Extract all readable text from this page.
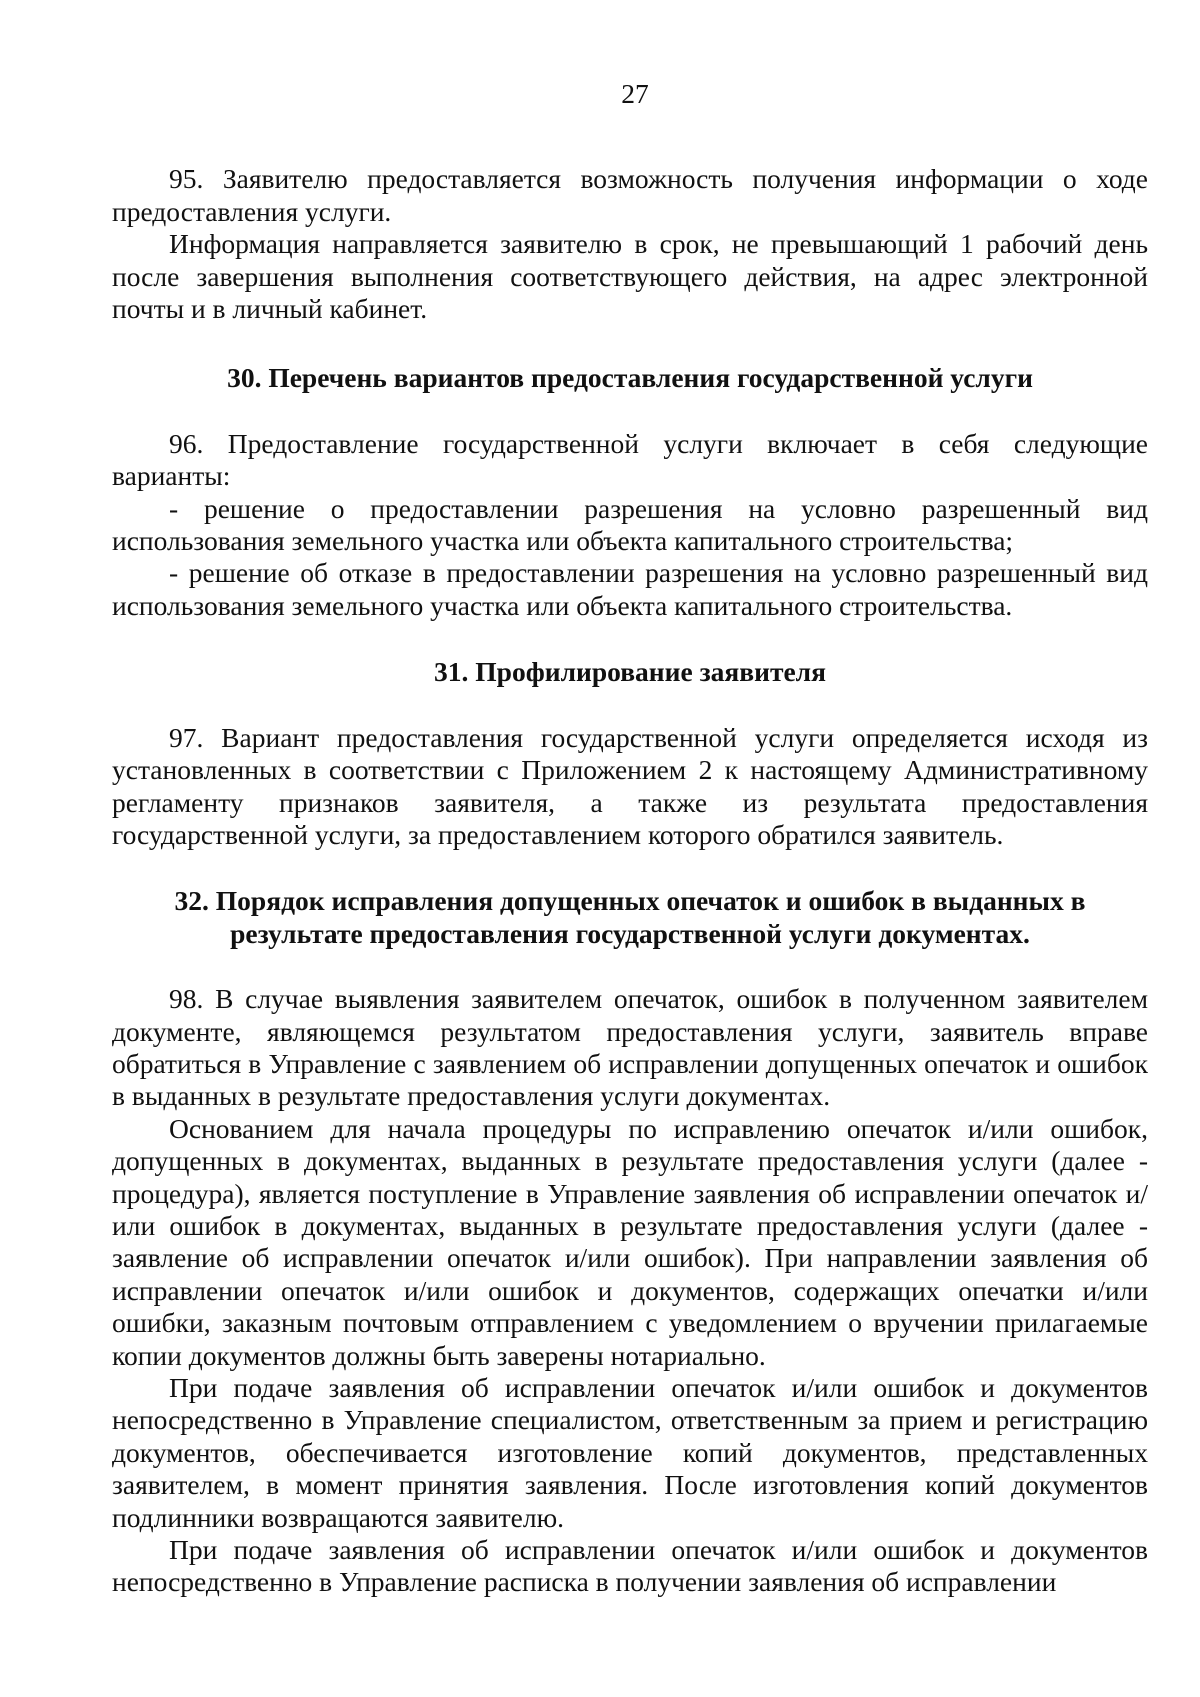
27

95. Заявителю предоставляется возможность получения информации о ходе предоставления услуги.

Информация направляется заявителю в срок, не превышающий 1 рабочий день после завершения выполнения соответствующего действия, на адрес электронной почты и в личный кабинет.

30. Перечень вариантов предоставления государственной услуги

96. Предоставление государственной услуги включает в себя следующие варианты:

- решение о предоставлении разрешения на условно разрешенный вид использования земельного участка или объекта капитального строительства;

- решение об отказе в предоставлении разрешения на условно разрешенный вид использования земельного участка или объекта капитального строительства.

31. Профилирование заявителя

97. Вариант предоставления государственной услуги определяется исходя из установленных в соответствии с Приложением 2 к настоящему Административному регламенту признаков заявителя, а также из результата предоставления государственной услуги, за предоставлением которого обратился заявитель.

32. Порядок исправления допущенных опечаток и ошибок в выданных в
результате предоставления государственной услуги документах.

98. В случае выявления заявителем опечаток, ошибок в полученном заявителем документе, являющемся результатом предоставления услуги, заявитель вправе обратиться в Управление с заявлением об исправлении допущенных опечаток и ошибок в выданных в результате предоставления услуги документах.

Основанием для начала процедуры по исправлению опечаток и/или ошибок, допущенных в документах, выданных в результате предоставления услуги (далее - процедура), является поступление в Управление заявления об исправлении опечаток и/или ошибок в документах, выданных в результате предоставления услуги (далее - заявление об исправлении опечаток и/или ошибок). При направлении заявления об исправлении опечаток и/или ошибок и документов, содержащих опечатки и/или ошибки, заказным почтовым отправлением с уведомлением о вручении прилагаемые копии документов должны быть заверены нотариально.

При подаче заявления об исправлении опечаток и/или ошибок и документов непосредственно в Управление специалистом, ответственным за прием и регистрацию документов, обеспечивается изготовление копий документов, представленных заявителем, в момент принятия заявления. После изготовления копий документов подлинники возвращаются заявителю.

При подаче заявления об исправлении опечаток и/или ошибок и документов непосредственно в Управление расписка в получении заявления об исправлении
